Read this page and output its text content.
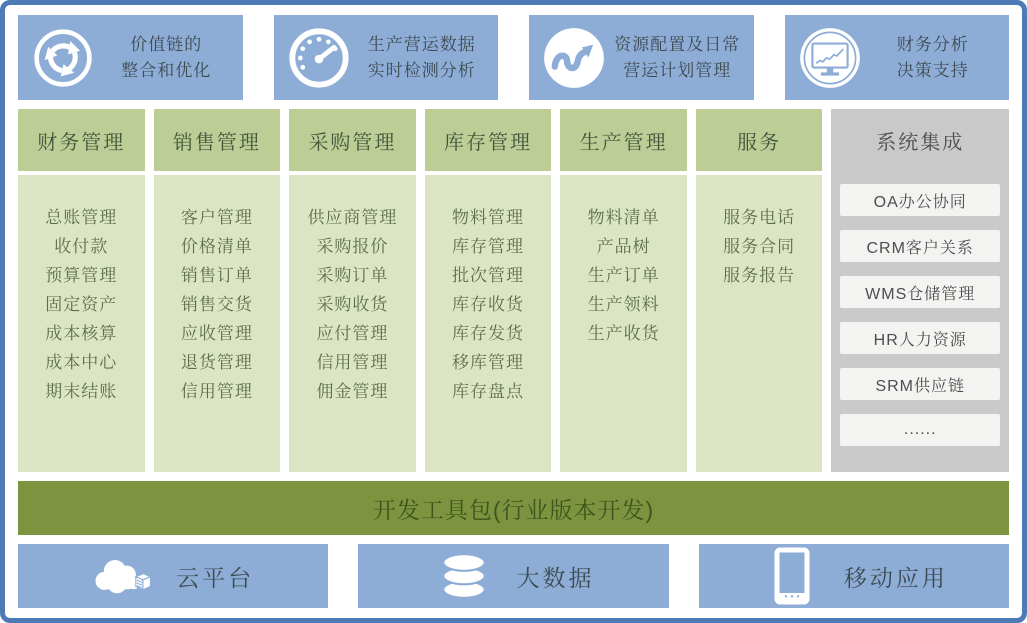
价值链的
整合和优化
生产营运数据
实时检测分析
资源配置及日常
营运计划管理
财务分析
决策支持
财务管理
总账管理
收付款
预算管理
固定资产
成本核算
成本中心
期末结账
销售管理
客户管理
价格清单
销售订单
销售交货
应收管理
退货管理
信用管理
采购管理
供应商管理
采购报价
采购订单
采购收货
应付管理
信用管理
佣金管理
库存管理
物料管理
库存管理
批次管理
库存收货
库存发货
移库管理
库存盘点
生产管理
物料清单
产品树
生产订单
生产领料
生产收货
服务
服务电话
服务合同
服务报告
系统集成
OA办公协同
CRM客户关系
WMS仓储管理
HR人力资源
SRM供应链
......
开发工具包(行业版本开发)
云平台	大数据	移动应用
